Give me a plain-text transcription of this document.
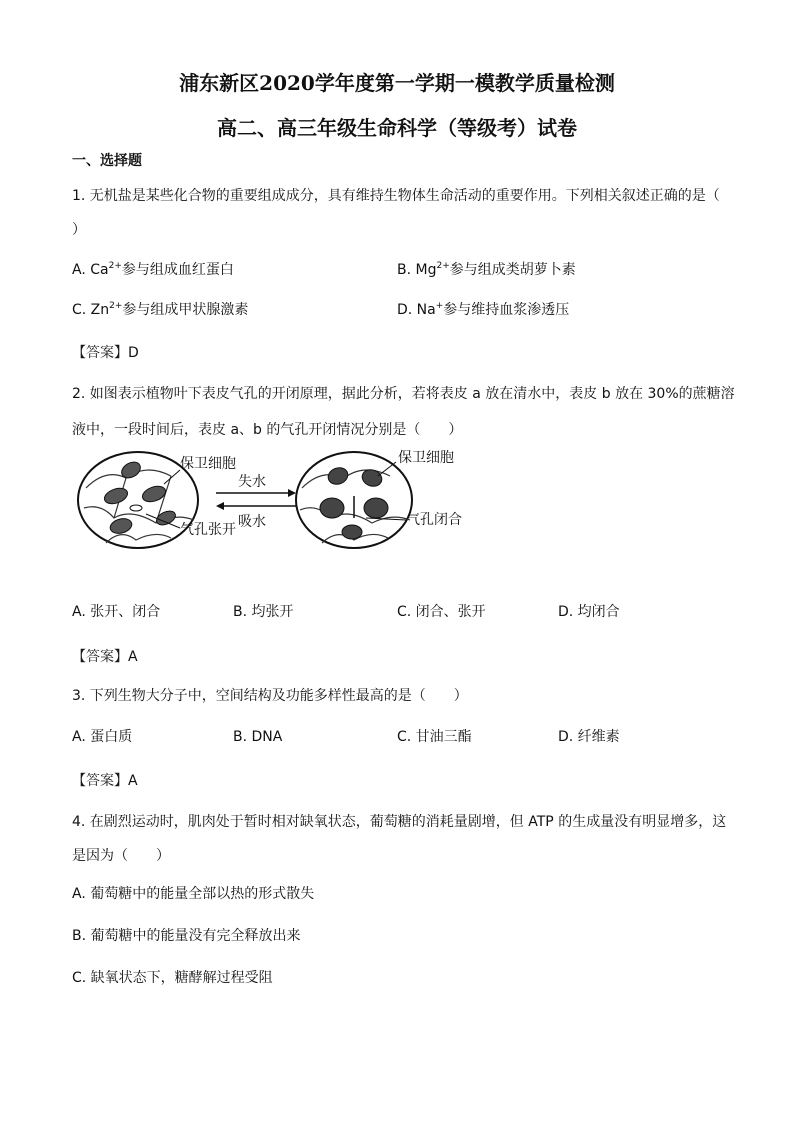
浦东新区2020学年度第一学期一模教学质量检测
高二、高三年级生命科学（等级考）试卷
一、选择题
1. 无机盐是某些化合物的重要组成成分，具有维持生物体生命活动的重要作用。下列相关叙述正确的是（
）
A. $Ca^{2+}$参与组成血红蛋白	B. $Mg^{2+}$参与组成类胡萝卜素
C. $Zn^{2+}$参与组成甲状腺激素	D. Na+参与维持血浆渗透压
【答案】D
2. 如图表示植物叶下表皮气孔的开闭原理，据此分析，若将表皮 a 放在清水中，表皮 b 放在 30%的蔗糖溶
液中，一段时间后，表皮 a、b 的气孔开闭情况分别是（　　）
保卫细胞
气孔张开
失水
吸水
保卫细胞
气孔闭合
A. 张开、闭合	B. 均张开	C. 闭合、张开	D. 均闭合
【答案】A
3. 下列生物大分子中，空间结构及功能多样性最高的是（　　）
A. 蛋白质	B. DNA	C. 甘油三酯	D. 纤维素
【答案】A
4. 在剧烈运动时，肌肉处于暂时相对缺氧状态，葡萄糖的消耗量剧增，但 ATP 的生成量没有明显增多，这
是因为（　　）
A. 葡萄糖中的能量全部以热的形式散失
B. 葡萄糖中的能量没有完全释放出来
C. 缺氧状态下，糖酵解过程受阻
